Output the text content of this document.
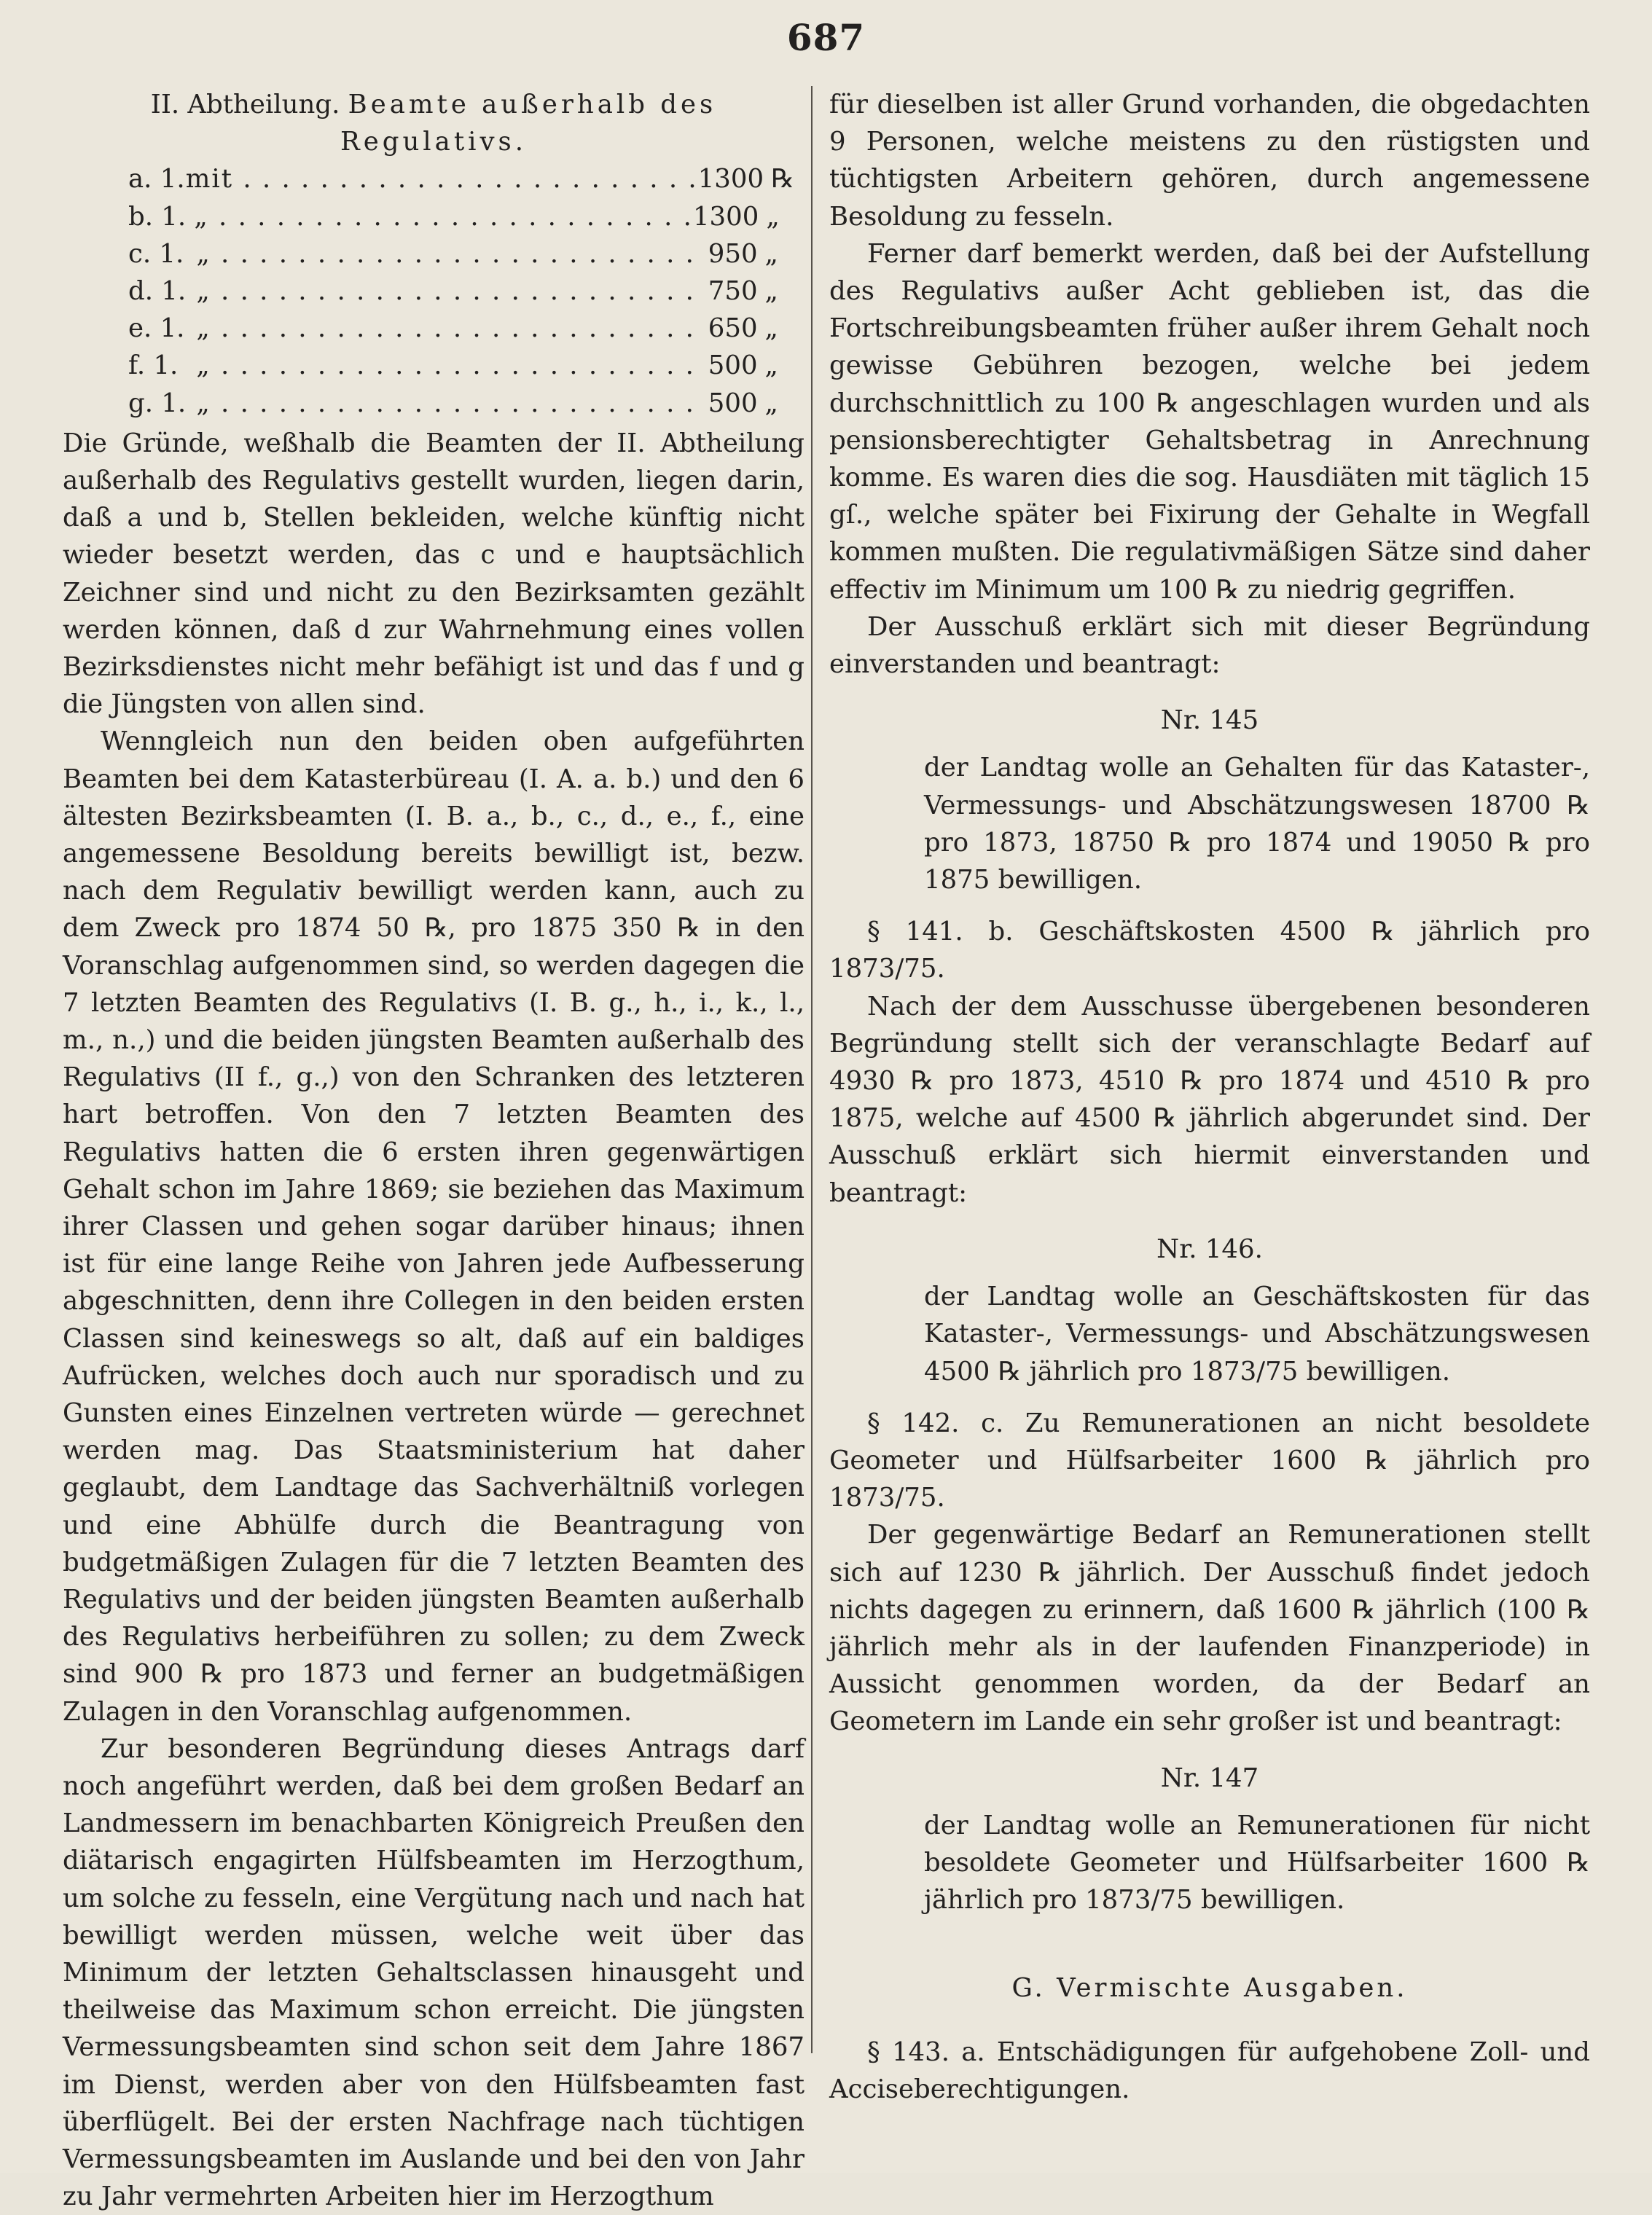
687

II. Abtheilung. Beamte außerhalb des
Regulativs.

a. 1. mit . . . . . . . . . . . . . . . . . . . . . . . . 1300 ℞
b. 1. „ . . . . . . . . . . . . . . . . . . . . . . . . . 1300 „
c. 1. „ . . . . . . . . . . . . . . . . . . . . . . . . . 950 „
d. 1. „ . . . . . . . . . . . . . . . . . . . . . . . . . 750 „
e. 1. „ . . . . . . . . . . . . . . . . . . . . . . . . . 650 „
f. 1. „ . . . . . . . . . . . . . . . . . . . . . . . . . 500 „
g. 1. „ . . . . . . . . . . . . . . . . . . . . . . . . . 500 „

Die Gründe, weßhalb die Beamten der II. Abtheilung außerhalb des Regulativs gestellt wurden, liegen darin, daß a und b, Stellen bekleiden, welche künftig nicht wieder besetzt werden, das c und e hauptsächlich Zeichner sind und nicht zu den Bezirksamten gezählt werden können, daß d zur Wahrnehmung eines vollen Bezirksdienstes nicht mehr befähigt ist und das f und g die Jüngsten von allen sind.

Wenngleich nun den beiden oben aufgeführten Beamten bei dem Katasterbüreau (I. A. a. b.) und den 6 ältesten Bezirksbeamten (I. B. a., b., c., d., e., f., eine angemessene Besoldung bereits bewilligt ist, bezw. nach dem Regulativ bewilligt werden kann, auch zu dem Zweck pro 1874 50 ℞, pro 1875 350 ℞ in den Voranschlag aufgenommen sind, so werden dagegen die 7 letzten Beamten des Regulativs (I. B. g., h., i., k., l., m., n.,) und die beiden jüngsten Beamten außerhalb des Regulativs (II f., g.,) von den Schranken des letzteren hart betroffen. Von den 7 letzten Beamten des Regulativs hatten die 6 ersten ihren gegenwärtigen Gehalt schon im Jahre 1869; sie beziehen das Maximum ihrer Classen und gehen sogar darüber hinaus; ihnen ist für eine lange Reihe von Jahren jede Aufbesserung abgeschnitten, denn ihre Collegen in den beiden ersten Classen sind keineswegs so alt, daß auf ein baldiges Aufrücken, welches doch auch nur sporadisch und zu Gunsten eines Einzelnen vertreten würde — gerechnet werden mag. Das Staatsministerium hat daher geglaubt, dem Landtage das Sachverhältniß vorlegen und eine Abhülfe durch die Beantragung von budgetmäßigen Zulagen für die 7 letzten Beamten des Regulativs und der beiden jüngsten Beamten außerhalb des Regulativs herbeiführen zu sollen; zu dem Zweck sind 900 ℞ pro 1873 und ferner an budgetmäßigen Zulagen in den Voranschlag aufgenommen.

Zur besonderen Begründung dieses Antrags darf noch angeführt werden, daß bei dem großen Bedarf an Landmessern im benachbarten Königreich Preußen den diätarisch engagirten Hülfsbeamten im Herzogthum, um solche zu fesseln, eine Vergütung nach und nach hat bewilligt werden müssen, welche weit über das Minimum der letzten Gehaltsclassen hinausgeht und theilweise das Maximum schon erreicht. Die jüngsten Vermessungsbeamten sind schon seit dem Jahre 1867 im Dienst, werden aber von den Hülfsbeamten fast überflügelt. Bei der ersten Nachfrage nach tüchtigen Vermessungsbeamten im Auslande und bei den von Jahr zu Jahr vermehrten Arbeiten hier im Herzogthum

für dieselben ist aller Grund vorhanden, die obgedachten 9 Personen, welche meistens zu den rüstigsten und tüchtigsten Arbeitern gehören, durch angemessene Besoldung zu fesseln.

Ferner darf bemerkt werden, daß bei der Aufstellung des Regulativs außer Acht geblieben ist, das die Fortschreibungsbeamten früher außer ihrem Gehalt noch gewisse Gebühren bezogen, welche bei jedem durchschnittlich zu 100 ℞ angeschlagen wurden und als pensionsberechtigter Gehaltsbetrag in Anrechnung komme. Es waren dies die sog. Hausdiäten mit täglich 15 gſ., welche später bei Fixirung der Gehalte in Wegfall kommen mußten. Die regulativmäßigen Sätze sind daher effectiv im Minimum um 100 ℞ zu niedrig gegriffen.

Der Ausschuß erklärt sich mit dieser Begründung einverstanden und beantragt:

Nr. 145

der Landtag wolle an Gehalten für das Kataster-, Vermessungs- und Abschätzungswesen 18700 ℞ pro 1873, 18750 ℞ pro 1874 und 19050 ℞ pro 1875 bewilligen.

§ 141. b. Geschäftskosten 4500 ℞ jährlich pro 1873/75.

Nach der dem Ausschusse übergebenen besonderen Begründung stellt sich der veranschlagte Bedarf auf 4930 ℞ pro 1873, 4510 ℞ pro 1874 und 4510 ℞ pro 1875, welche auf 4500 ℞ jährlich abgerundet sind. Der Ausschuß erklärt sich hiermit einverstanden und beantragt:

Nr. 146.

der Landtag wolle an Geschäftskosten für das Kataster-, Vermessungs- und Abschätzungswesen 4500 ℞ jährlich pro 1873/75 bewilligen.

§ 142. c. Zu Remunerationen an nicht besoldete Geometer und Hülfsarbeiter 1600 ℞ jährlich pro 1873/75.

Der gegenwärtige Bedarf an Remunerationen stellt sich auf 1230 ℞ jährlich. Der Ausschuß findet jedoch nichts dagegen zu erinnern, daß 1600 ℞ jährlich (100 ℞ jährlich mehr als in der laufenden Finanzperiode) in Aussicht genommen worden, da der Bedarf an Geometern im Lande ein sehr großer ist und beantragt:

Nr. 147

der Landtag wolle an Remunerationen für nicht besoldete Geometer und Hülfsarbeiter 1600 ℞ jährlich pro 1873/75 bewilligen.

G. Vermischte Ausgaben.

§ 143. a. Entschädigungen für aufgehobene Zoll- und Acciseberechtigungen.
